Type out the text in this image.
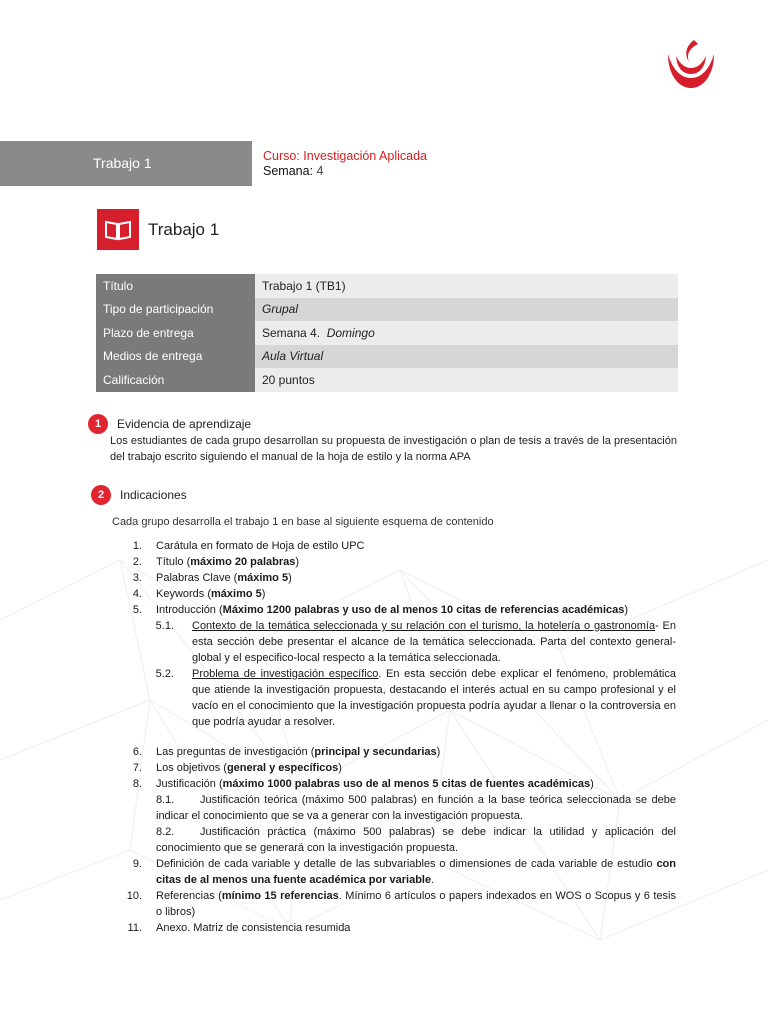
Trabajo 1	Curso: Investigación Aplicada
Semana: 4
Trabajo 1
Título	Trabajo 1 (TB1)
Tipo de participación	Grupal
Plazo de entrega	Semana 4. Domingo
Medios de entrega	Aula Virtual
Calificación	20 puntos
1	Evidencia de aprendizaje
Los estudiantes de cada grupo desarrollan su propuesta de investigación o plan de tesis a través de la presentación del trabajo escrito siguiendo el manual de la hoja de estilo y la norma APA
2	Indicaciones
Cada grupo desarrolla el trabajo 1 en base al siguiente esquema de contenido
1. Carátula en formato de Hoja de estilo UPC
2. Título (máximo 20 palabras)
3. Palabras Clave (máximo 5)
4. Keywords (máximo 5)
5. Introducción (Máximo 1200 palabras y uso de al menos 10 citas de referencias académicas)
5.1. Contexto de la temática seleccionada y su relación con el turismo, la hotelería o gastronomía- En esta sección debe presentar el alcance de la temática seleccionada. Parta del contexto general-global y el especifico-local respecto a la temática seleccionada.
5.2. Problema de investigación específico. En esta sección debe explicar el fenómeno, problemática que atiende la investigación propuesta, destacando el interés actual en su campo profesional y el vacío en el conocimiento que la investigación propuesta podría ayudar a llenar o la controversia en que podría ayudar a resolver.
6. Las preguntas de investigación (principal y secundarias)
7. Los objetivos (general y específicos)
8. Justificación (máximo 1000 palabras uso de al menos 5 citas de fuentes académicas)
8.1. Justificación teórica (máximo 500 palabras) en función a la base teórica seleccionada se debe indicar el conocimiento que se va a generar con la investigación propuesta.
8.2. Justificación práctica (máximo 500 palabras) se debe indicar la utilidad y aplicación del conocimiento que se generará con la investigación propuesta.
9. Definición de cada variable y detalle de las subvariables o dimensiones de cada variable de estudio con citas de al menos una fuente académica por variable.
10. Referencias (mínimo 15 referencias. Mínimo 6 artículos o papers indexados en WOS o Scopus y 6 tesis o libros)
11. Anexo. Matriz de consistencia resumida
